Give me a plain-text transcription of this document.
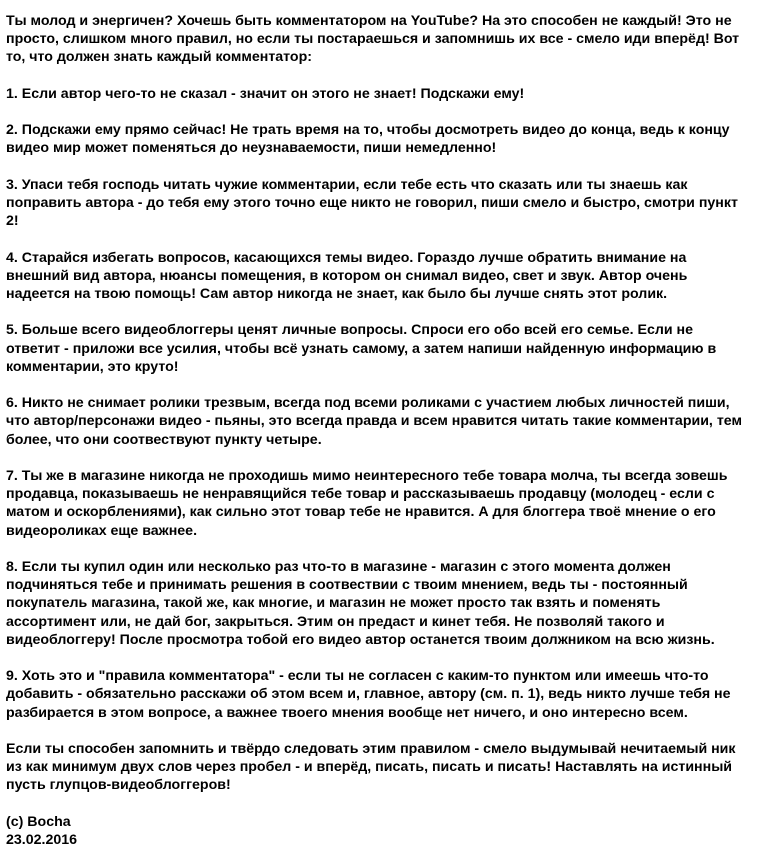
Ты молод и энергичен? Хочешь быть комментатором на YouTube? На это способен не каждый! Это не просто, слишком много правил, но если ты постараешься и запомнишь их все - смело иди вперёд! Вот то, что должен знать каждый комментатор:

1. Если автор чего-то не сказал - значит он этого не знает! Подскажи ему!

2. Подскажи ему прямо сейчас! Не трать время на то, чтобы досмотреть видео до конца, ведь к концу видео мир может поменяться до неузнаваемости, пиши немедленно!

3. Упаси тебя господь читать чужие комментарии, если тебе есть что сказать или ты знаешь как поправить автора - до тебя ему этого точно еще никто не говорил, пиши смело и быстро, смотри пункт 2!

4. Старайся избегать вопросов, касающихся темы видео. Гораздо лучше обратить внимание на внешний вид автора, нюансы помещения, в котором он снимал видео, свет и звук. Автор очень надеется на твою помощь! Сам автор никогда не знает, как было бы лучше снять этот ролик.

5. Больше всего видеоблоггеры ценят личные вопросы. Спроси его обо всей его семье. Если не ответит - приложи все усилия, чтобы всё узнать самому, а затем напиши найденную информацию в комментарии, это круто!

6. Никто не снимает ролики трезвым, всегда под всеми роликами с участием любых личностей пиши, что автор/персонажи видео - пьяны, это всегда правда и всем нравится читать такие комментарии, тем более, что они соотвествуют пункту четыре.

7. Ты же в магазине никогда не проходишь мимо неинтересного тебе товара молча, ты всегда зовешь продавца, показываешь не ненравящийся тебе товар и рассказываешь продавцу (молодец - если с матом и оскорблениями), как сильно этот товар тебе не нравится. А для блоггера твоё мнение о его видеороликах еще важнее.

8. Если ты купил один или несколько раз что-то в магазине - магазин с этого момента должен подчиняться тебе и принимать решения в соотвествии с твоим мнением, ведь ты - постоянный покупатель магазина, такой же, как многие, и магазин не может просто так взять и поменять ассортимент или, не дай бог, закрыться. Этим он предаст и кинет тебя. Не позволяй такого и видеоблоггеру! После просмотра тобой его видео автор останется твоим должником на всю жизнь.

9. Хоть это и "правила комментатора" - если ты не согласен с каким-то пунктом или имеешь что-то добавить - обязательно расскажи об этом всем и, главное, автору (см. п. 1), ведь никто лучше тебя не разбирается в этом вопросе, а важнее твоего мнения вообще нет ничего, и оно интересно всем.

Если ты способен запомнить и твёрдо следовать этим правилом - смело выдумывай нечитаемый ник из как минимум двух слов через пробел - и вперёд, писать, писать и писать! Наставлять на истинный пусть глупцов-видеоблоггеров!

(c) Bocha

23.02.2016
